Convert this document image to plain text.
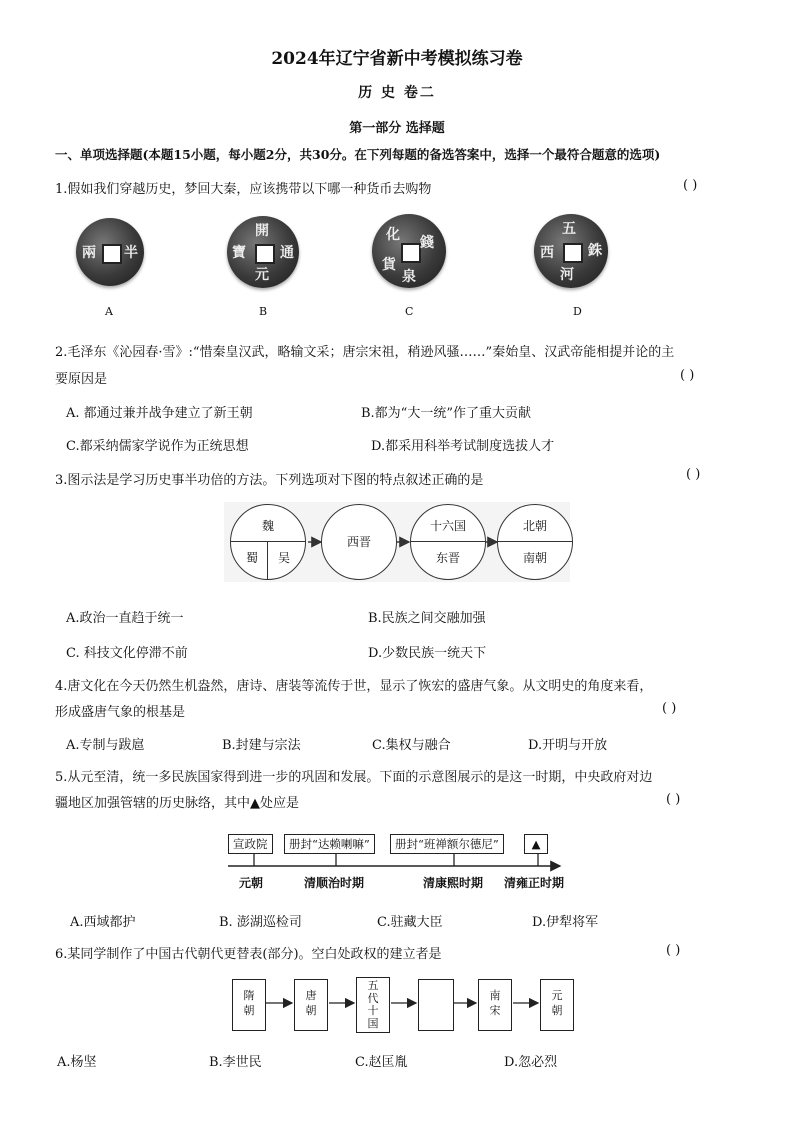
2024年辽宁省新中考模拟练习卷
历 史 卷二
第一部分 选择题
一、单项选择题(本题15小题，每小题2分，共30分。在下列每题的备选答案中，选择一个最符合题意的选项)
1.假如我们穿越历史，梦回大秦，应该携带以下哪一种货币去购物	( )
兩 半
開
元
通
寶
化 錢
貨
泉
五
銖
西
河
A	B	C	D
2.毛泽东《沁园春·雪》:“惜秦皇汉武，略输文采；唐宗宋祖，稍逊风骚……”秦始皇、汉武帝能相提并论的主
要原因是	( )
A. 都通过兼并战争建立了新王朝	B.都为“大一统”作了重大贡献
C.都采纳儒家学说作为正统思想	D.都采用科举考试制度选拔人才
3.图示法是学习历史事半功倍的方法。下列选项对下图的特点叙述正确的是	( )
魏
蜀	吴
西晋
十六国
东晋
北朝
南朝
A.政治一直趋于统一	B.民族之间交融加强
C. 科技文化停滞不前	D.少数民族一统天下
4.唐文化在今天仍然生机盎然，唐诗、唐装等流传于世，显示了恢宏的盛唐气象。从文明史的角度来看，
形成盛唐气象的根基是	( )
A.专制与跋扈	B.封建与宗法	C.集权与融合	D.开明与开放
5.从元至清，统一多民族国家得到进一步的巩固和发展。下面的示意图展示的是这一时期，中央政府对边
疆地区加强管辖的历史脉络，其中▲处应是	( )
宣政院	册封“达赖喇嘛”	册封“班禅额尔德尼”	▲
元朝	清顺治时期	清康熙时期 清雍正时期
A.西域都护	B. 澎湖巡检司	C.驻藏大臣	D.伊犁将军
6.某同学制作了中国古代朝代更替表(部分)。空白处政权的建立者是	( )
隋朝
唐朝
五代十国
南宋
元朝
A.杨坚	B.李世民	C.赵匡胤	D.忽必烈
